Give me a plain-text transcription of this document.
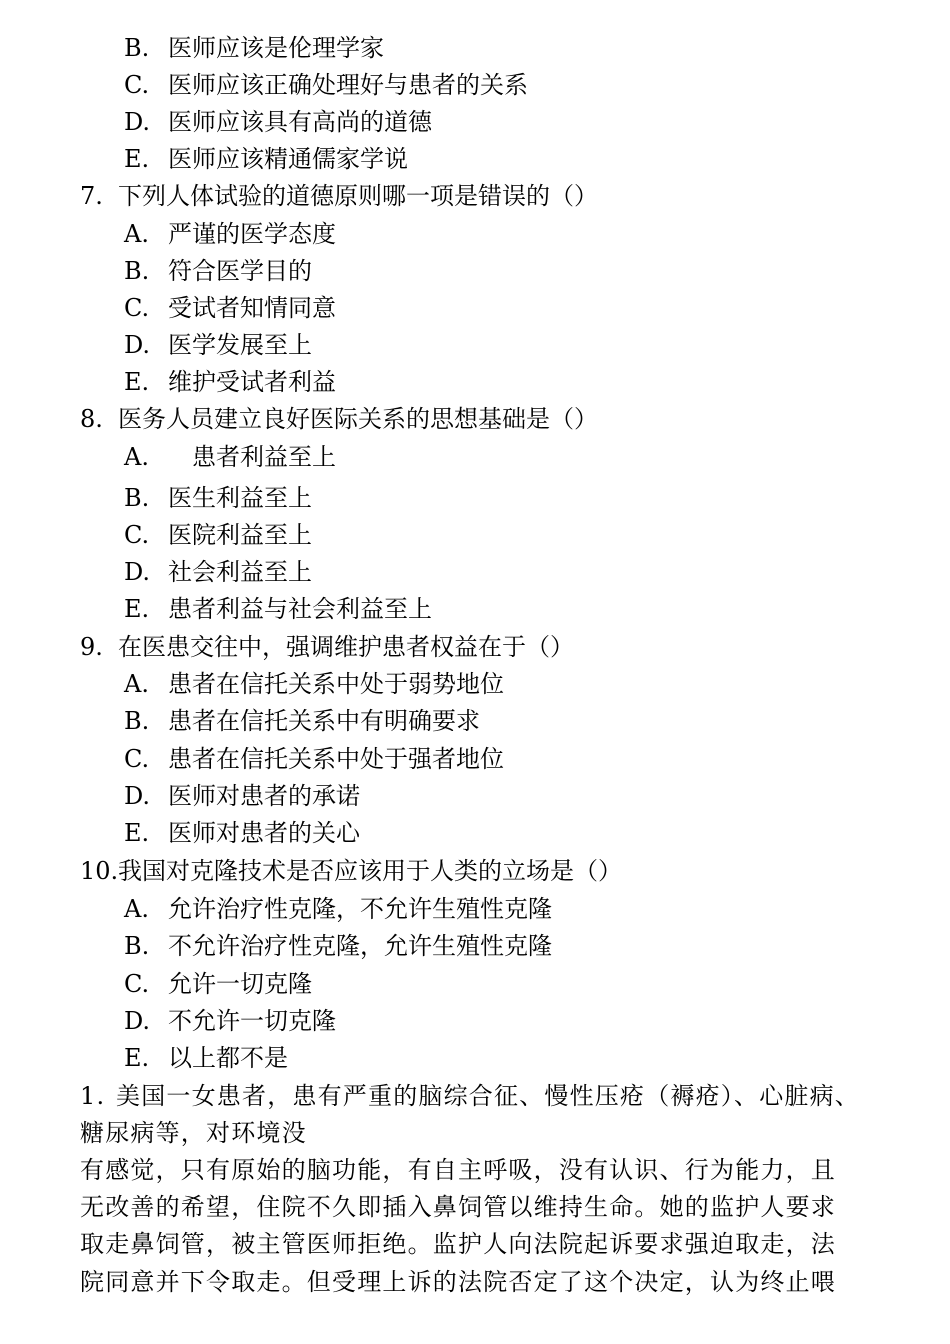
B. 医师应该是伦理学家
C. 医师应该正确处理好与患者的关系
D. 医师应该具有高尚的道德
E. 医师应该精通儒家学说
7. 下列人体试验的道德原则哪一项是错误的（）
A. 严谨的医学态度
B. 符合医学目的
C. 受试者知情同意
D. 医学发展至上
E. 维护受试者利益
8. 医务人员建立良好医际关系的思想基础是（）
A.　患者利益至上
B. 医生利益至上
C. 医院利益至上
D. 社会利益至上
E. 患者利益与社会利益至上
9. 在医患交往中，强调维护患者权益在于（）
A. 患者在信托关系中处于弱势地位
B. 患者在信托关系中有明确要求
C. 患者在信托关系中处于强者地位
D. 医师对患者的承诺
E. 医师对患者的关心
10.我国对克隆技术是否应该用于人类的立场是（）
A. 允许治疗性克隆，不允许生殖性克隆
B. 不允许治疗性克隆，允许生殖性克隆
C. 允许一切克隆
D. 不允许一切克隆
E. 以上都不是
1. 美国一女患者，患有严重的脑综合征、慢性压疮（褥疮）、心脏病、
糖尿病等，对环境没
有感觉，只有原始的脑功能，有自主呼吸，没有认识、行为能力，且
无改善的希望，住院不久即插入鼻饲管以维持生命。她的监护人要求
取走鼻饲管，被主管医师拒绝。监护人向法院起诉要求强迫取走，法
院同意并下令取走。但受理上诉的法院否定了这个决定，认为终止喂
